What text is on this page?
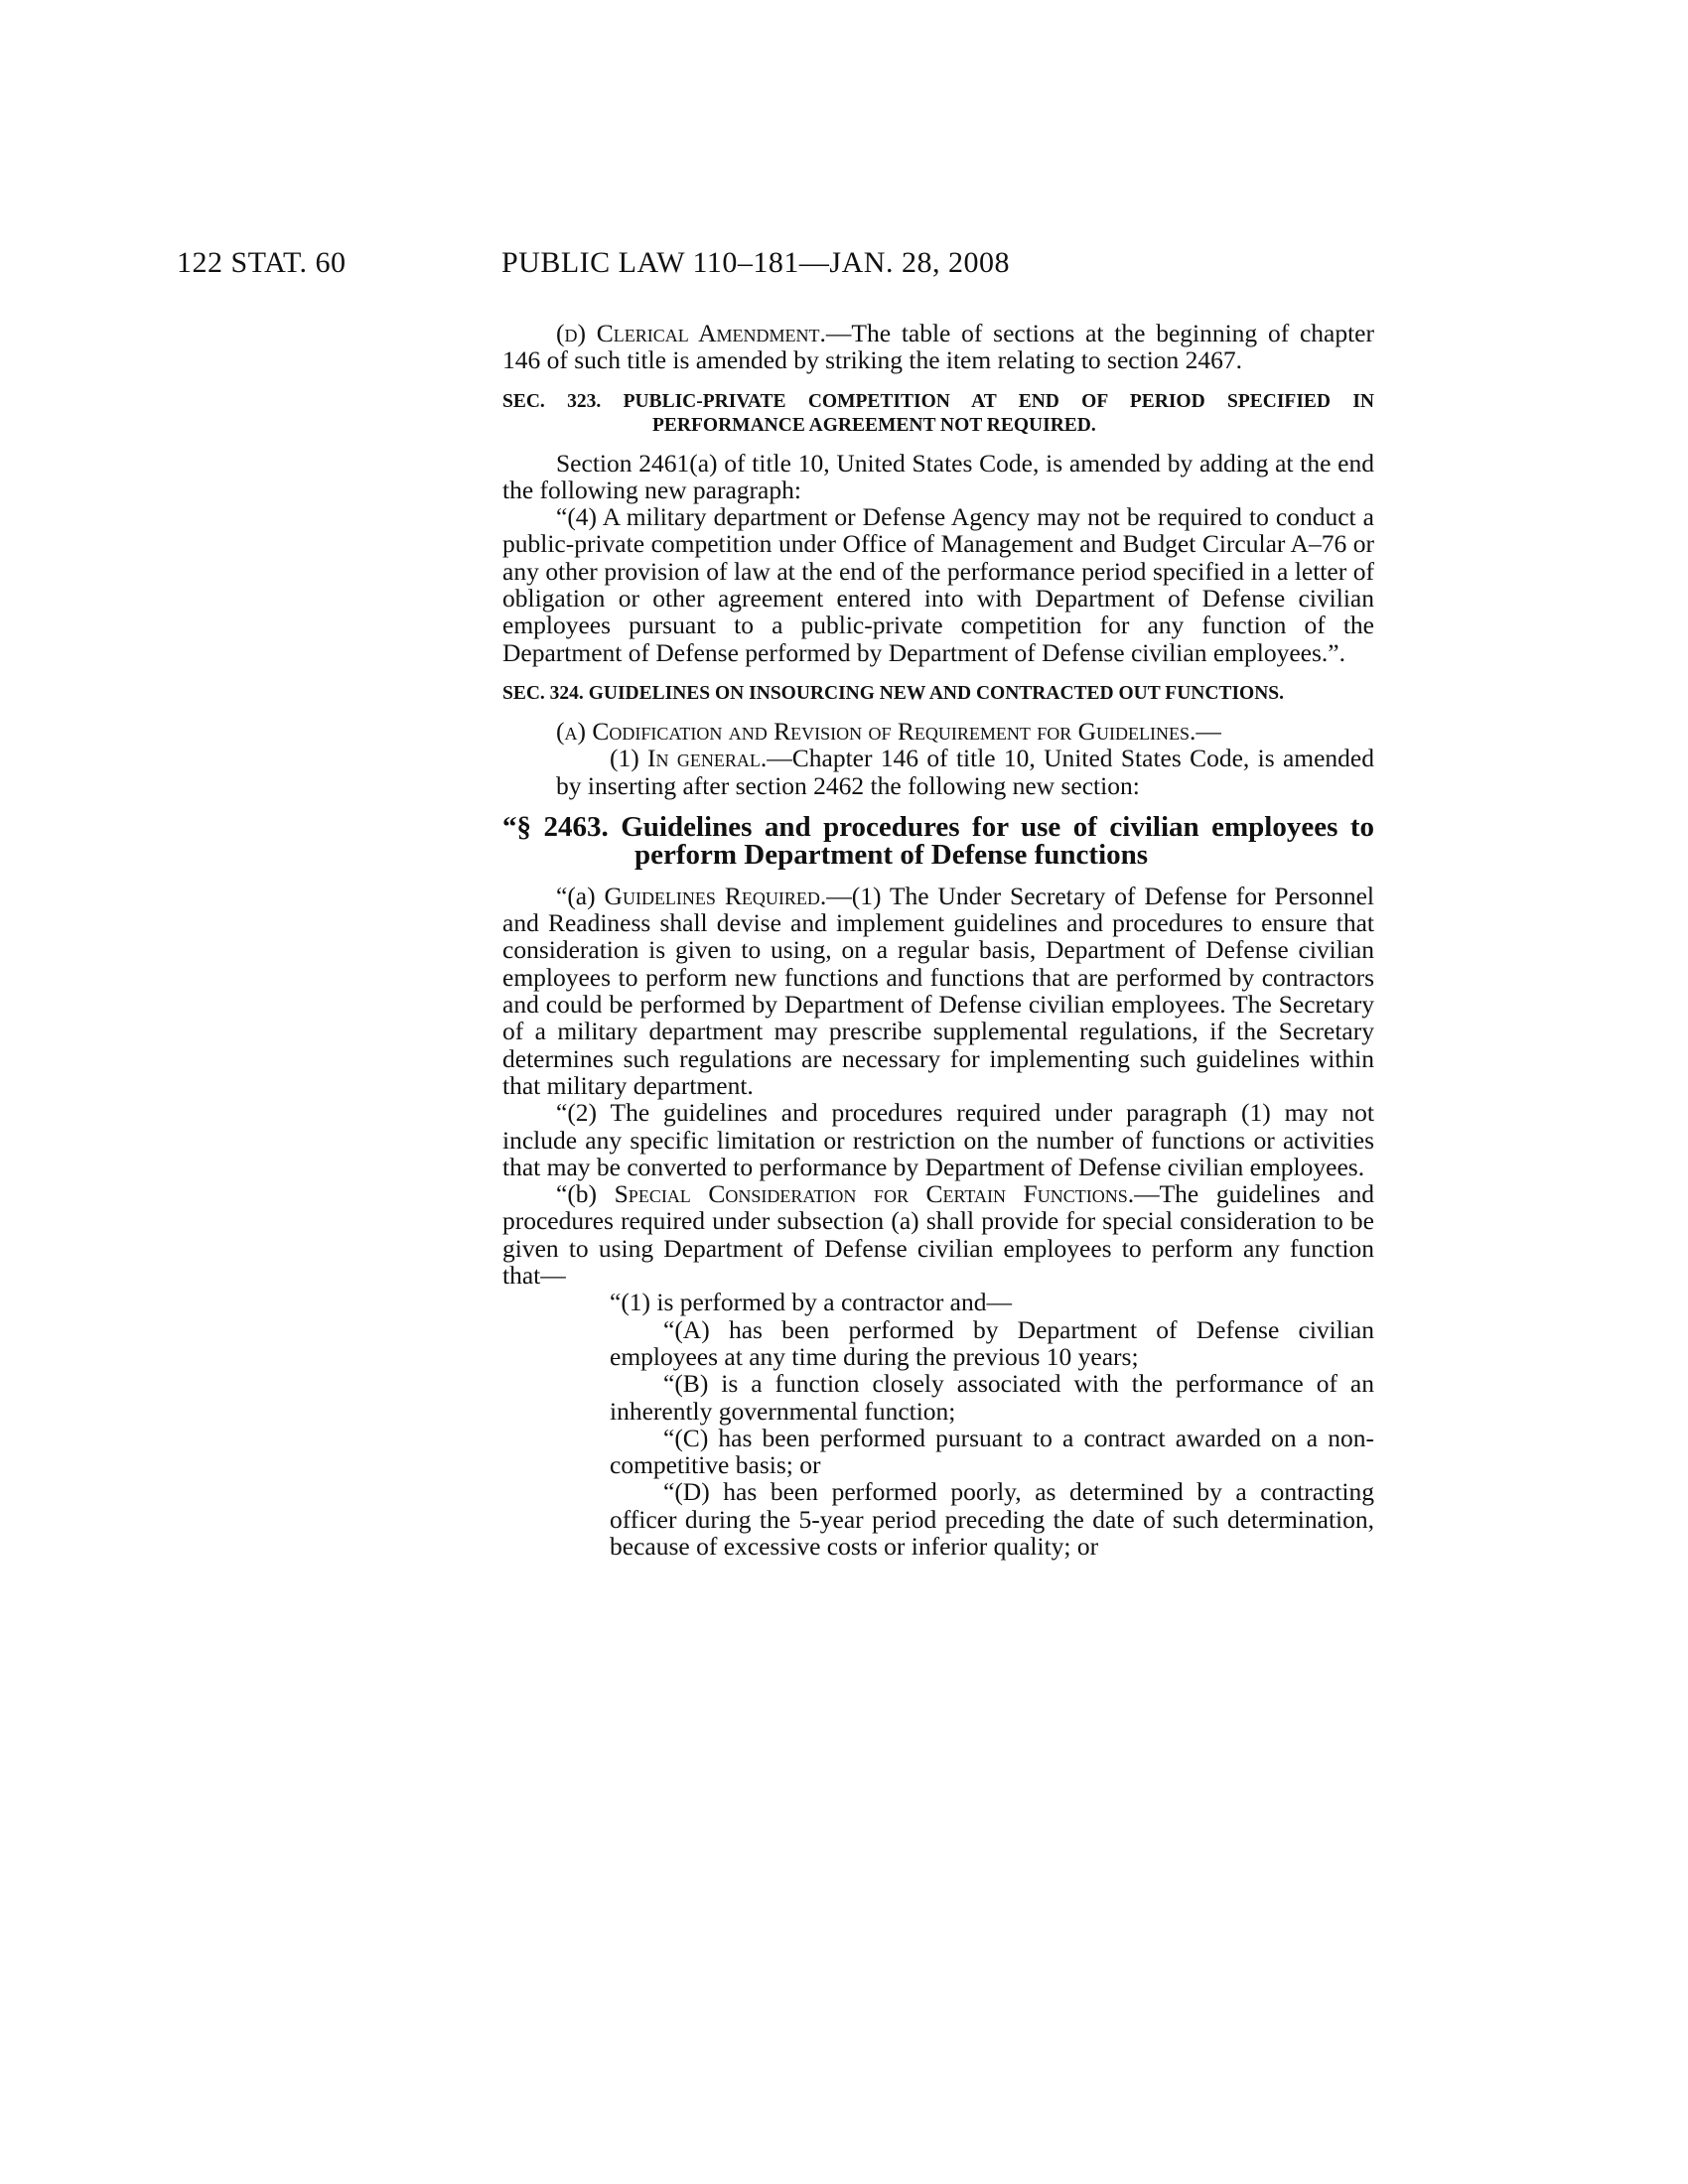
122 STAT. 60	PUBLIC LAW 110–181—JAN. 28, 2008

(d) Clerical Amendment.—The table of sections at the beginning of chapter 146 of such title is amended by striking the item relating to section 2467.

SEC. 323. PUBLIC-PRIVATE COMPETITION AT END OF PERIOD SPECIFIED IN PERFORMANCE AGREEMENT NOT REQUIRED.

Section 2461(a) of title 10, United States Code, is amended by adding at the end the following new paragraph:

“(4) A military department or Defense Agency may not be required to conduct a public-private competition under Office of Management and Budget Circular A–76 or any other provision of law at the end of the performance period specified in a letter of obligation or other agreement entered into with Department of Defense civilian employees pursuant to a public-private competition for any function of the Department of Defense performed by Department of Defense civilian employees.”.

SEC. 324. GUIDELINES ON INSOURCING NEW AND CONTRACTED OUT FUNCTIONS.

(a) Codification and Revision of Requirement for Guidelines.—

(1) In general.—Chapter 146 of title 10, United States Code, is amended by inserting after section 2462 the following new section:

“§ 2463. Guidelines and procedures for use of civilian employees to perform Department of Defense functions

“(a) Guidelines Required.—(1) The Under Secretary of Defense for Personnel and Readiness shall devise and implement guidelines and procedures to ensure that consideration is given to using, on a regular basis, Department of Defense civilian employees to perform new functions and functions that are performed by contractors and could be performed by Department of Defense civilian employees. The Secretary of a military department may prescribe supplemental regulations, if the Secretary determines such regulations are necessary for implementing such guidelines within that military department.

“(2) The guidelines and procedures required under paragraph (1) may not include any specific limitation or restriction on the number of functions or activities that may be converted to performance by Department of Defense civilian employees.

“(b) Special Consideration for Certain Functions.—The guidelines and procedures required under subsection (a) shall provide for special consideration to be given to using Department of Defense civilian employees to perform any function that—

“(1) is performed by a contractor and—

“(A) has been performed by Department of Defense civilian employees at any time during the previous 10 years;

“(B) is a function closely associated with the performance of an inherently governmental function;

“(C) has been performed pursuant to a contract awarded on a non-competitive basis; or

“(D) has been performed poorly, as determined by a contracting officer during the 5-year period preceding the date of such determination, because of excessive costs or inferior quality; or
